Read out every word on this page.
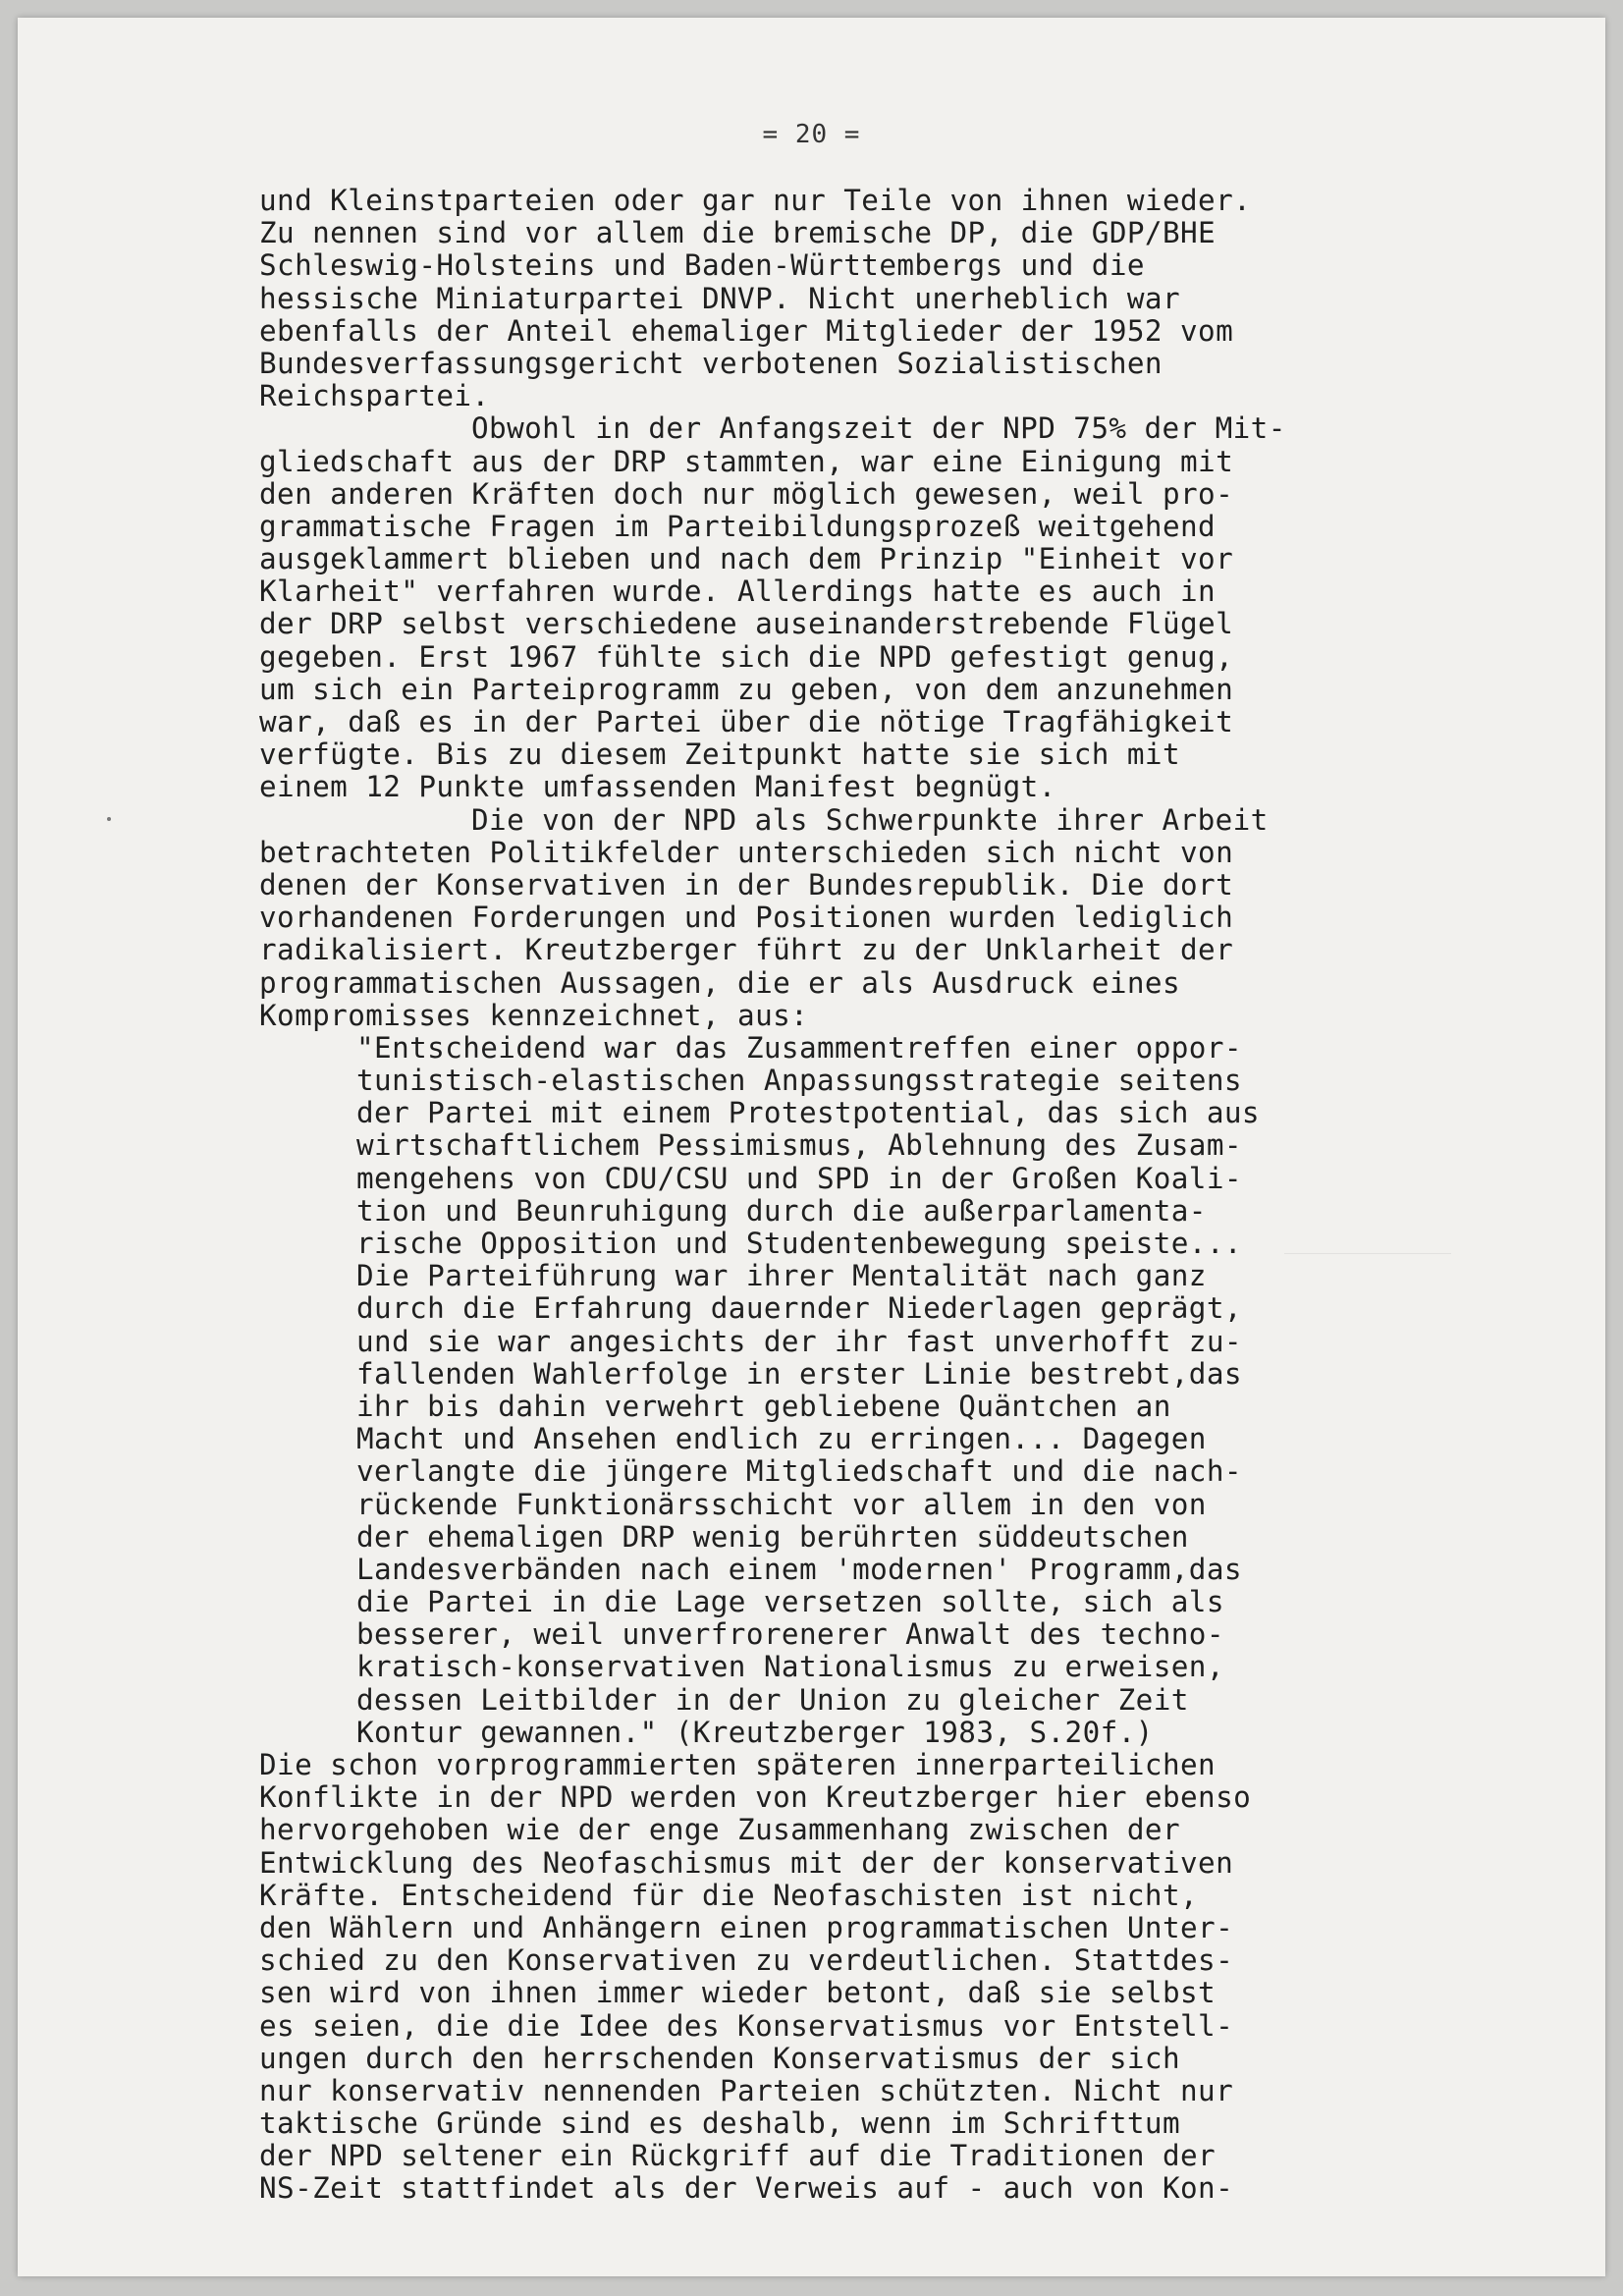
= 20 =
und Kleinstparteien oder gar nur Teile von ihnen wieder.
Zu nennen sind vor allem die bremische DP, die GDP/BHE
Schleswig-Holsteins und Baden-Württembergs und die
hessische Miniaturpartei DNVP. Nicht unerheblich war
ebenfalls der Anteil ehemaliger Mitglieder der 1952 vom
Bundesverfassungsgericht verbotenen Sozialistischen
Reichspartei.
Obwohl in der Anfangszeit der NPD 75% der Mit-
gliedschaft aus der DRP stammten, war eine Einigung mit
den anderen Kräften doch nur möglich gewesen, weil pro-
grammatische Fragen im Parteibildungsprozeß weitgehend
ausgeklammert blieben und nach dem Prinzip "Einheit vor
Klarheit" verfahren wurde. Allerdings hatte es auch in
der DRP selbst verschiedene auseinanderstrebende Flügel
gegeben. Erst 1967 fühlte sich die NPD gefestigt genug,
um sich ein Parteiprogramm zu geben, von dem anzunehmen
war, daß es in der Partei über die nötige Tragfähigkeit
verfügte. Bis zu diesem Zeitpunkt hatte sie sich mit
einem 12 Punkte umfassenden Manifest begnügt.
Die von der NPD als Schwerpunkte ihrer Arbeit
betrachteten Politikfelder unterschieden sich nicht von
denen der Konservativen in der Bundesrepublik. Die dort
vorhandenen Forderungen und Positionen wurden lediglich
radikalisiert. Kreutzberger führt zu der Unklarheit der
programmatischen Aussagen, die er als Ausdruck eines
Kompromisses kennzeichnet, aus:
"Entscheidend war das Zusammentreffen einer oppor-
tunistisch-elastischen Anpassungsstrategie seitens
der Partei mit einem Protestpotential, das sich aus
wirtschaftlichem Pessimismus, Ablehnung des Zusam-
mengehens von CDU/CSU und SPD in der Großen Koali-
tion und Beunruhigung durch die außerparlamenta-
rische Opposition und Studentenbewegung speiste...
Die Parteiführung war ihrer Mentalität nach ganz
durch die Erfahrung dauernder Niederlagen geprägt,
und sie war angesichts der ihr fast unverhofft zu-
fallenden Wahlerfolge in erster Linie bestrebt,das
ihr bis dahin verwehrt gebliebene Quäntchen an
Macht und Ansehen endlich zu erringen... Dagegen
verlangte die jüngere Mitgliedschaft und die nach-
rückende Funktionärsschicht vor allem in den von
der ehemaligen DRP wenig berührten süddeutschen
Landesverbänden nach einem 'modernen' Programm,das
die Partei in die Lage versetzen sollte, sich als
besserer, weil unverfrorenerer Anwalt des techno-
kratisch-konservativen Nationalismus zu erweisen,
dessen Leitbilder in der Union zu gleicher Zeit
Kontur gewannen." (Kreutzberger 1983, S.20f.)
Die schon vorprogrammierten späteren innerparteilichen
Konflikte in der NPD werden von Kreutzberger hier ebenso
hervorgehoben wie der enge Zusammenhang zwischen der
Entwicklung des Neofaschismus mit der der konservativen
Kräfte. Entscheidend für die Neofaschisten ist nicht,
den Wählern und Anhängern einen programmatischen Unter-
schied zu den Konservativen zu verdeutlichen. Stattdes-
sen wird von ihnen immer wieder betont, daß sie selbst
es seien, die die Idee des Konservatismus vor Entstell-
ungen durch den herrschenden Konservatismus der sich
nur konservativ nennenden Parteien schützten. Nicht nur
taktische Gründe sind es deshalb, wenn im Schrifttum
der NPD seltener ein Rückgriff auf die Traditionen der
NS-Zeit stattfindet als der Verweis auf - auch von Kon-
